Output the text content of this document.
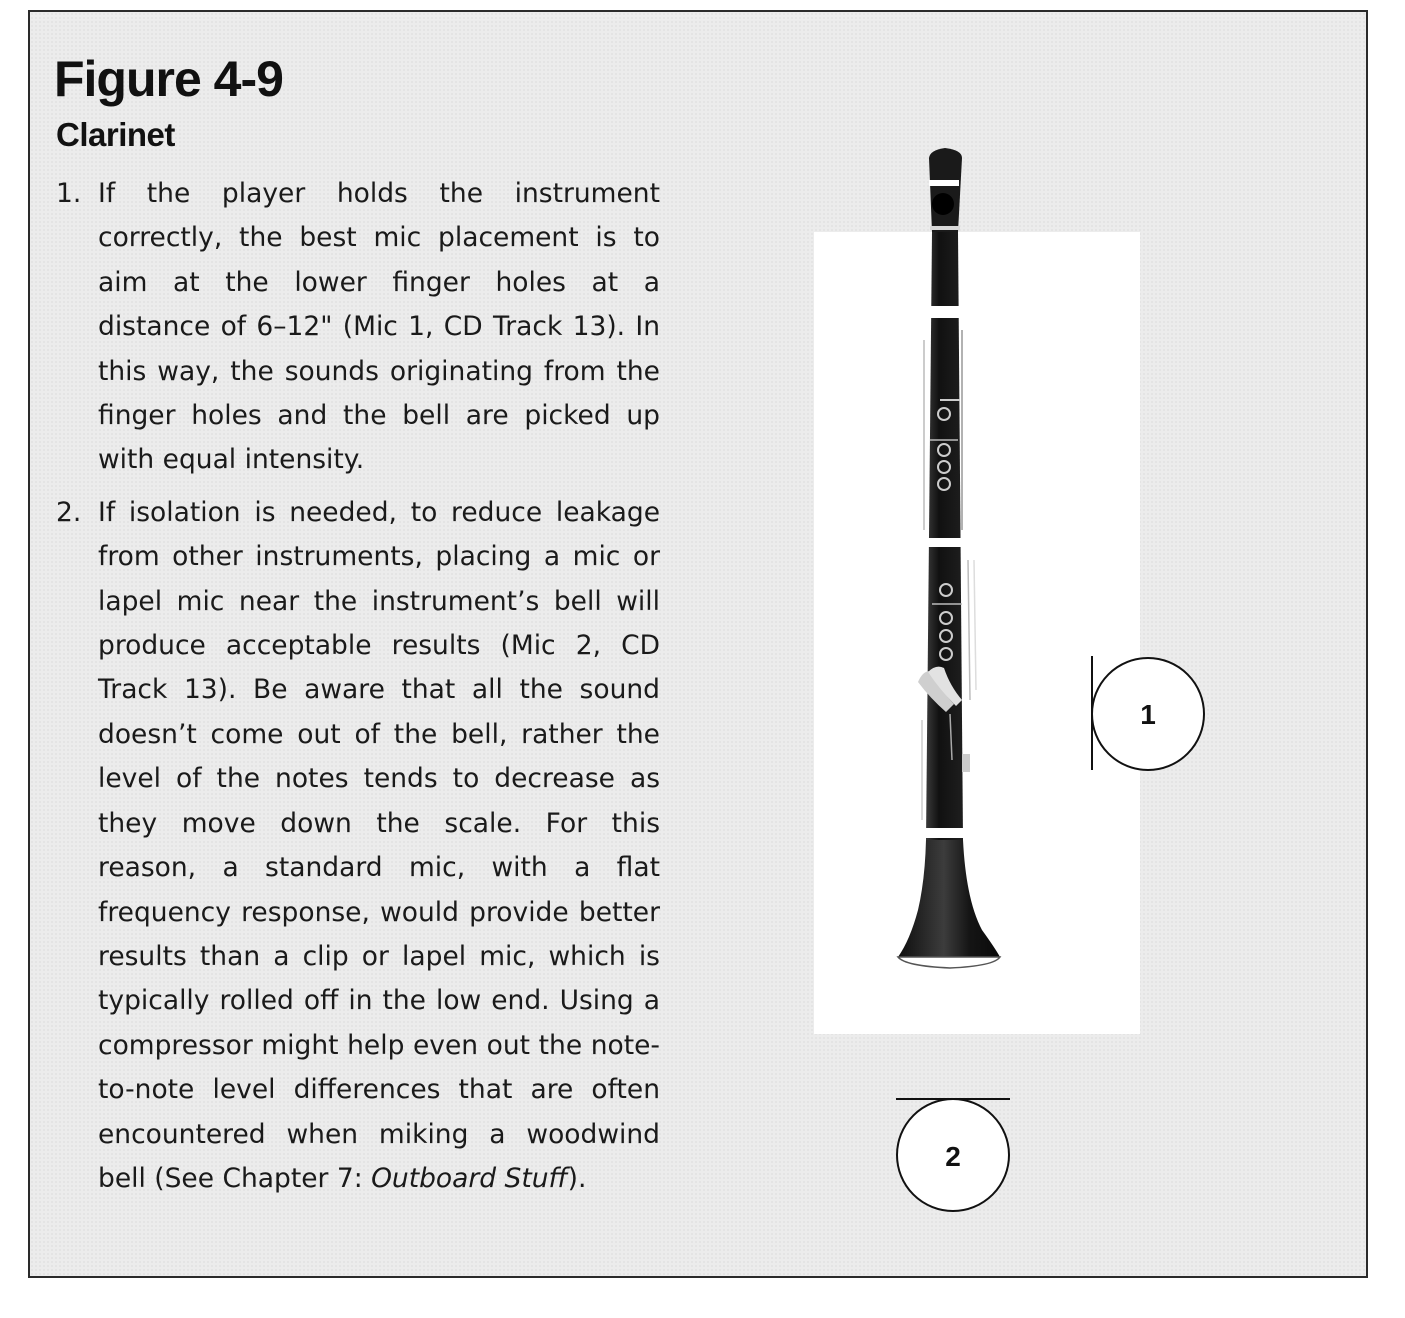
Figure 4-9
Clarinet
1. If the player holds the instrument correctly, the best mic placement is to aim at the lower finger holes at a distance of 6–12" (Mic 1, CD Track 13). In this way, the sounds originating from the finger holes and the bell are picked up with equal intensity.
2. If isolation is needed, to reduce leakage from other instruments, placing a mic or lapel mic near the instrument’s bell will produce acceptable results (Mic 2, CD Track 13). Be aware that all the sound doesn’t come out of the bell, rather the level of the notes tends to decrease as they move down the scale. For this reason, a standard mic, with a flat frequency response, would provide better results than a clip or lapel mic, which is typically rolled off in the low end. Using a compressor might help even out the note-to-note level differences that are often encountered when miking a woodwind bell (See Chapter 7: Outboard Stuff).
1
2
